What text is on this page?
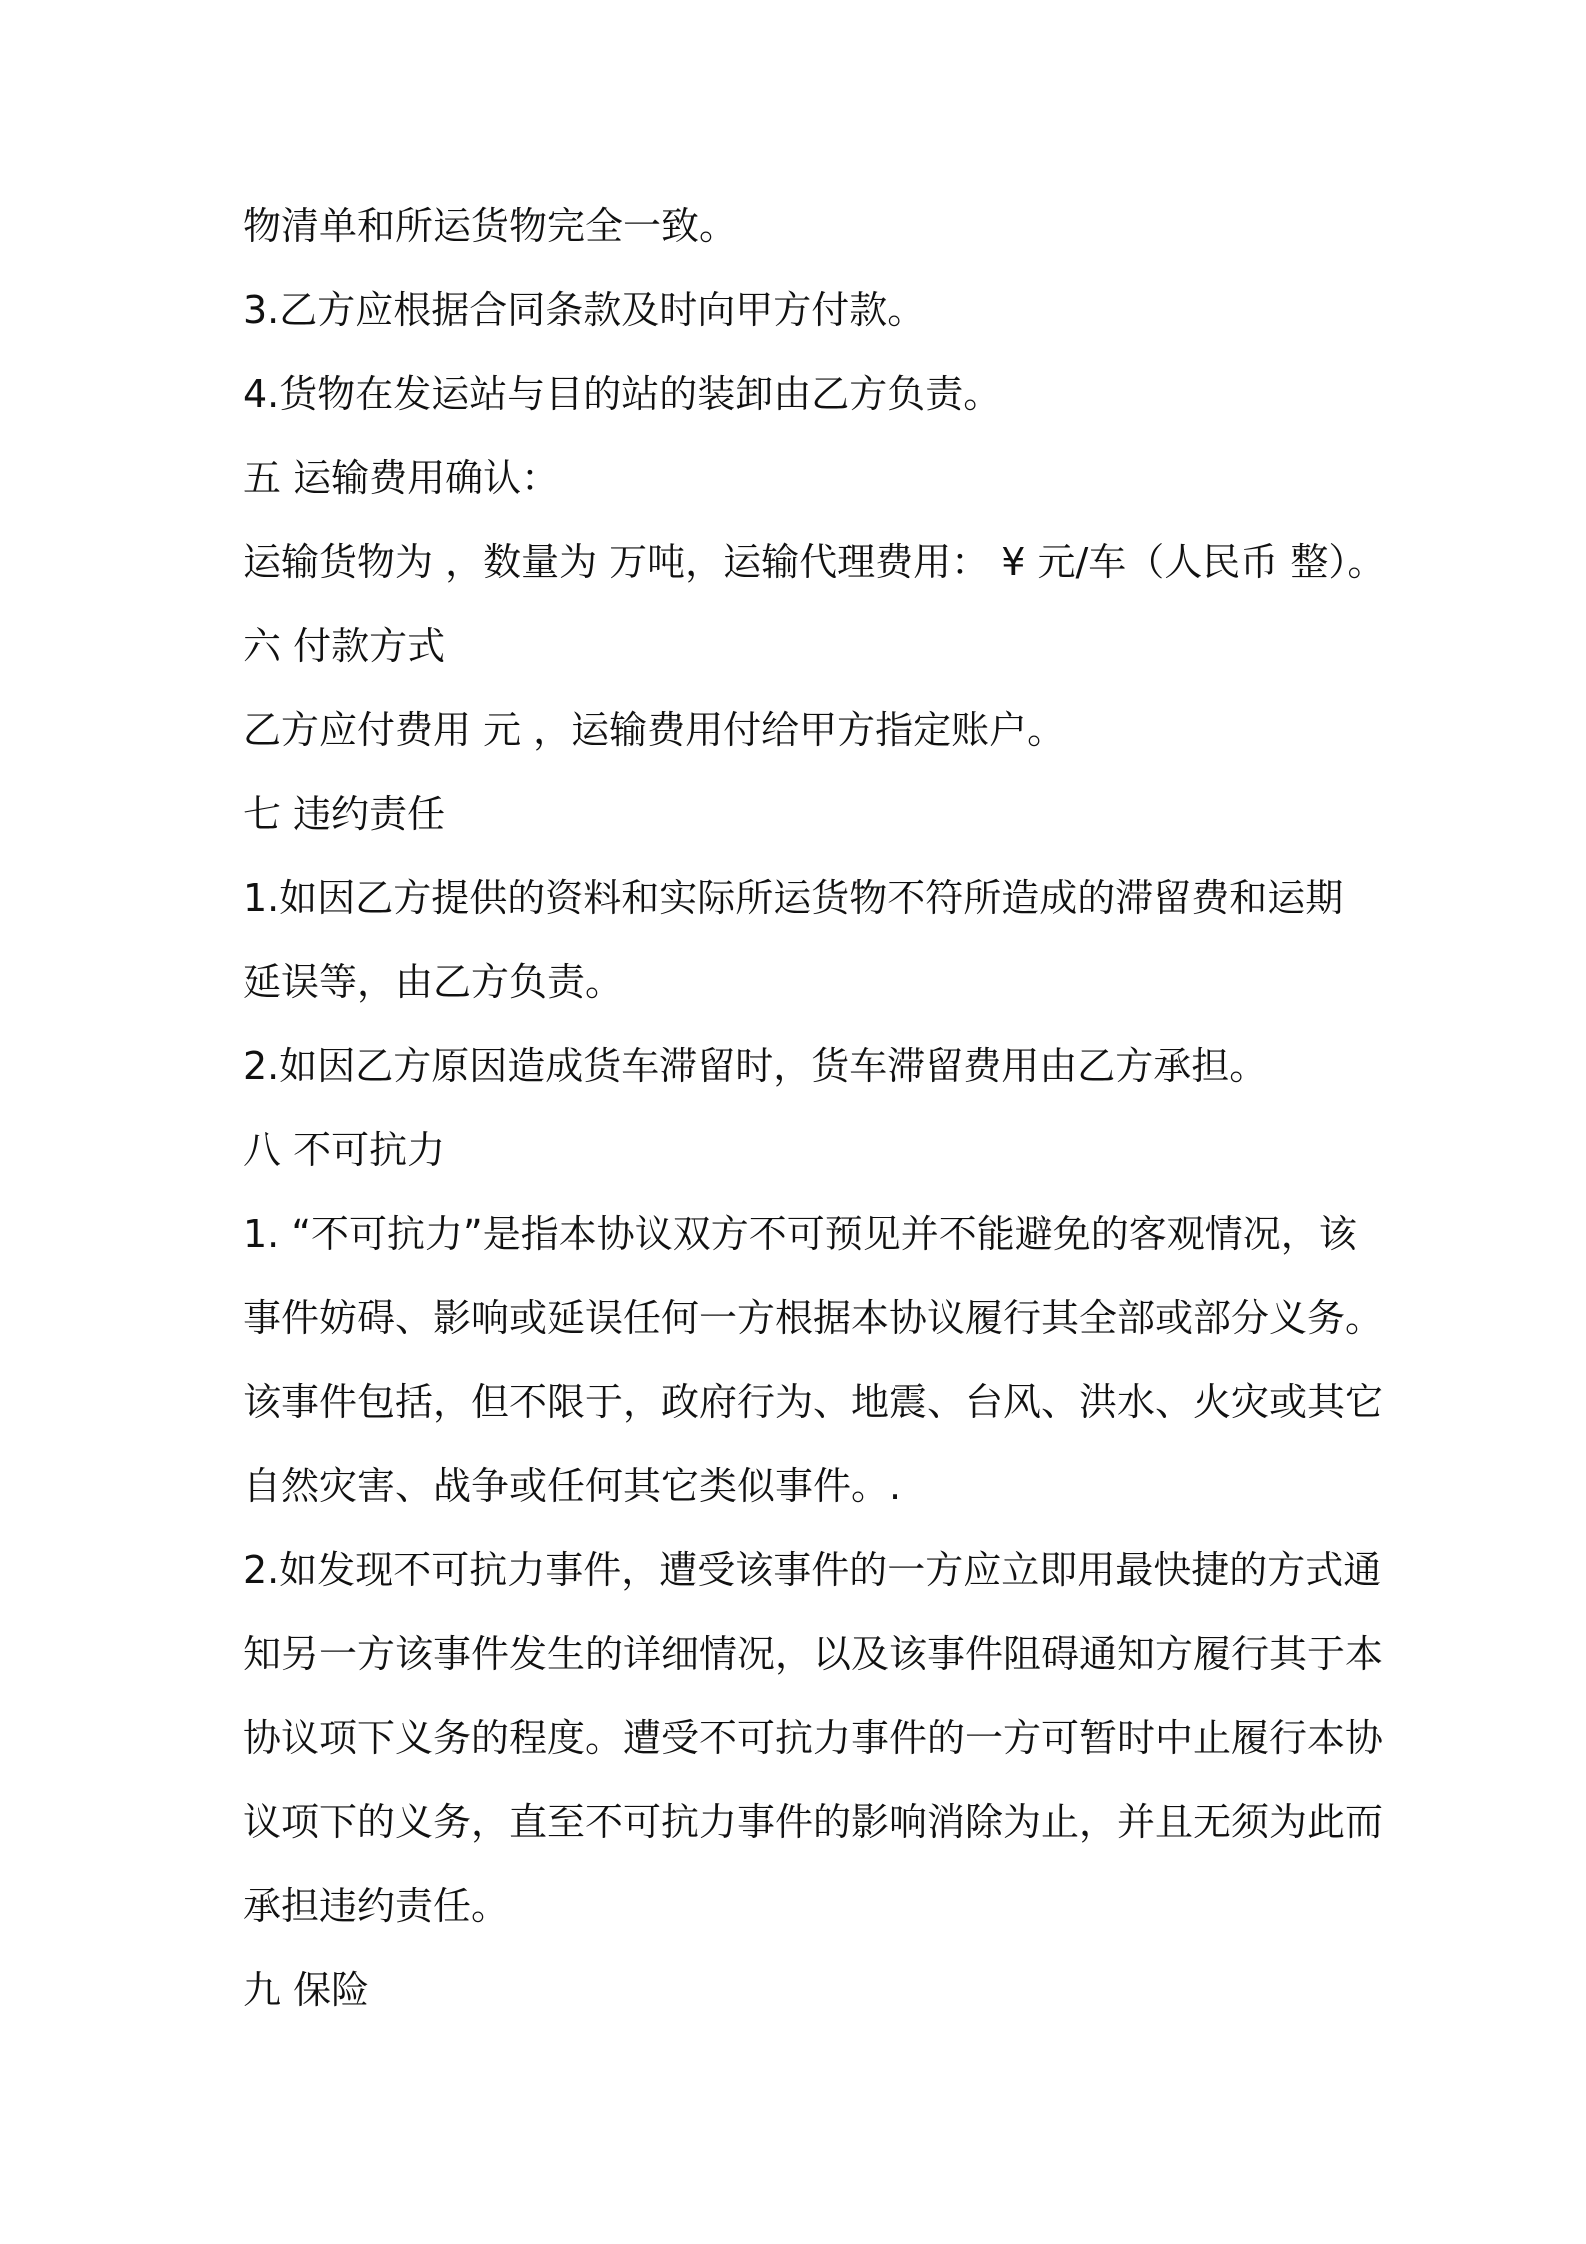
物清单和所运货物完全一致。
3.乙方应根据合同条款及时向甲方付款。
4.货物在发运站与目的站的装卸由乙方负责。
五 运输费用确认：
运输货物为 ，数量为 万吨，运输代理费用： ¥ 元/车（人民币 整）。
六 付款方式
乙方应付费用 元 ，运输费用付给甲方指定账户。
七 违约责任
1.如因乙方提供的资料和实际所运货物不符所造成的滞留费和运期
延误等，由乙方负责。
2.如因乙方原因造成货车滞留时，货车滞留费用由乙方承担。
八 不可抗力
1. “不可抗力”是指本协议双方不可预见并不能避免的客观情况，该
事件妨碍、影响或延误任何一方根据本协议履行其全部或部分义务。
该事件包括，但不限于，政府行为、地震、台风、洪水、火灾或其它
自然灾害、战争或任何其它类似事件。.
2.如发现不可抗力事件，遭受该事件的一方应立即用最快捷的方式通
知另一方该事件发生的详细情况，以及该事件阻碍通知方履行其于本
协议项下义务的程度。遭受不可抗力事件的一方可暂时中止履行本协
议项下的义务，直至不可抗力事件的影响消除为止，并且无须为此而
承担违约责任。
九 保险
